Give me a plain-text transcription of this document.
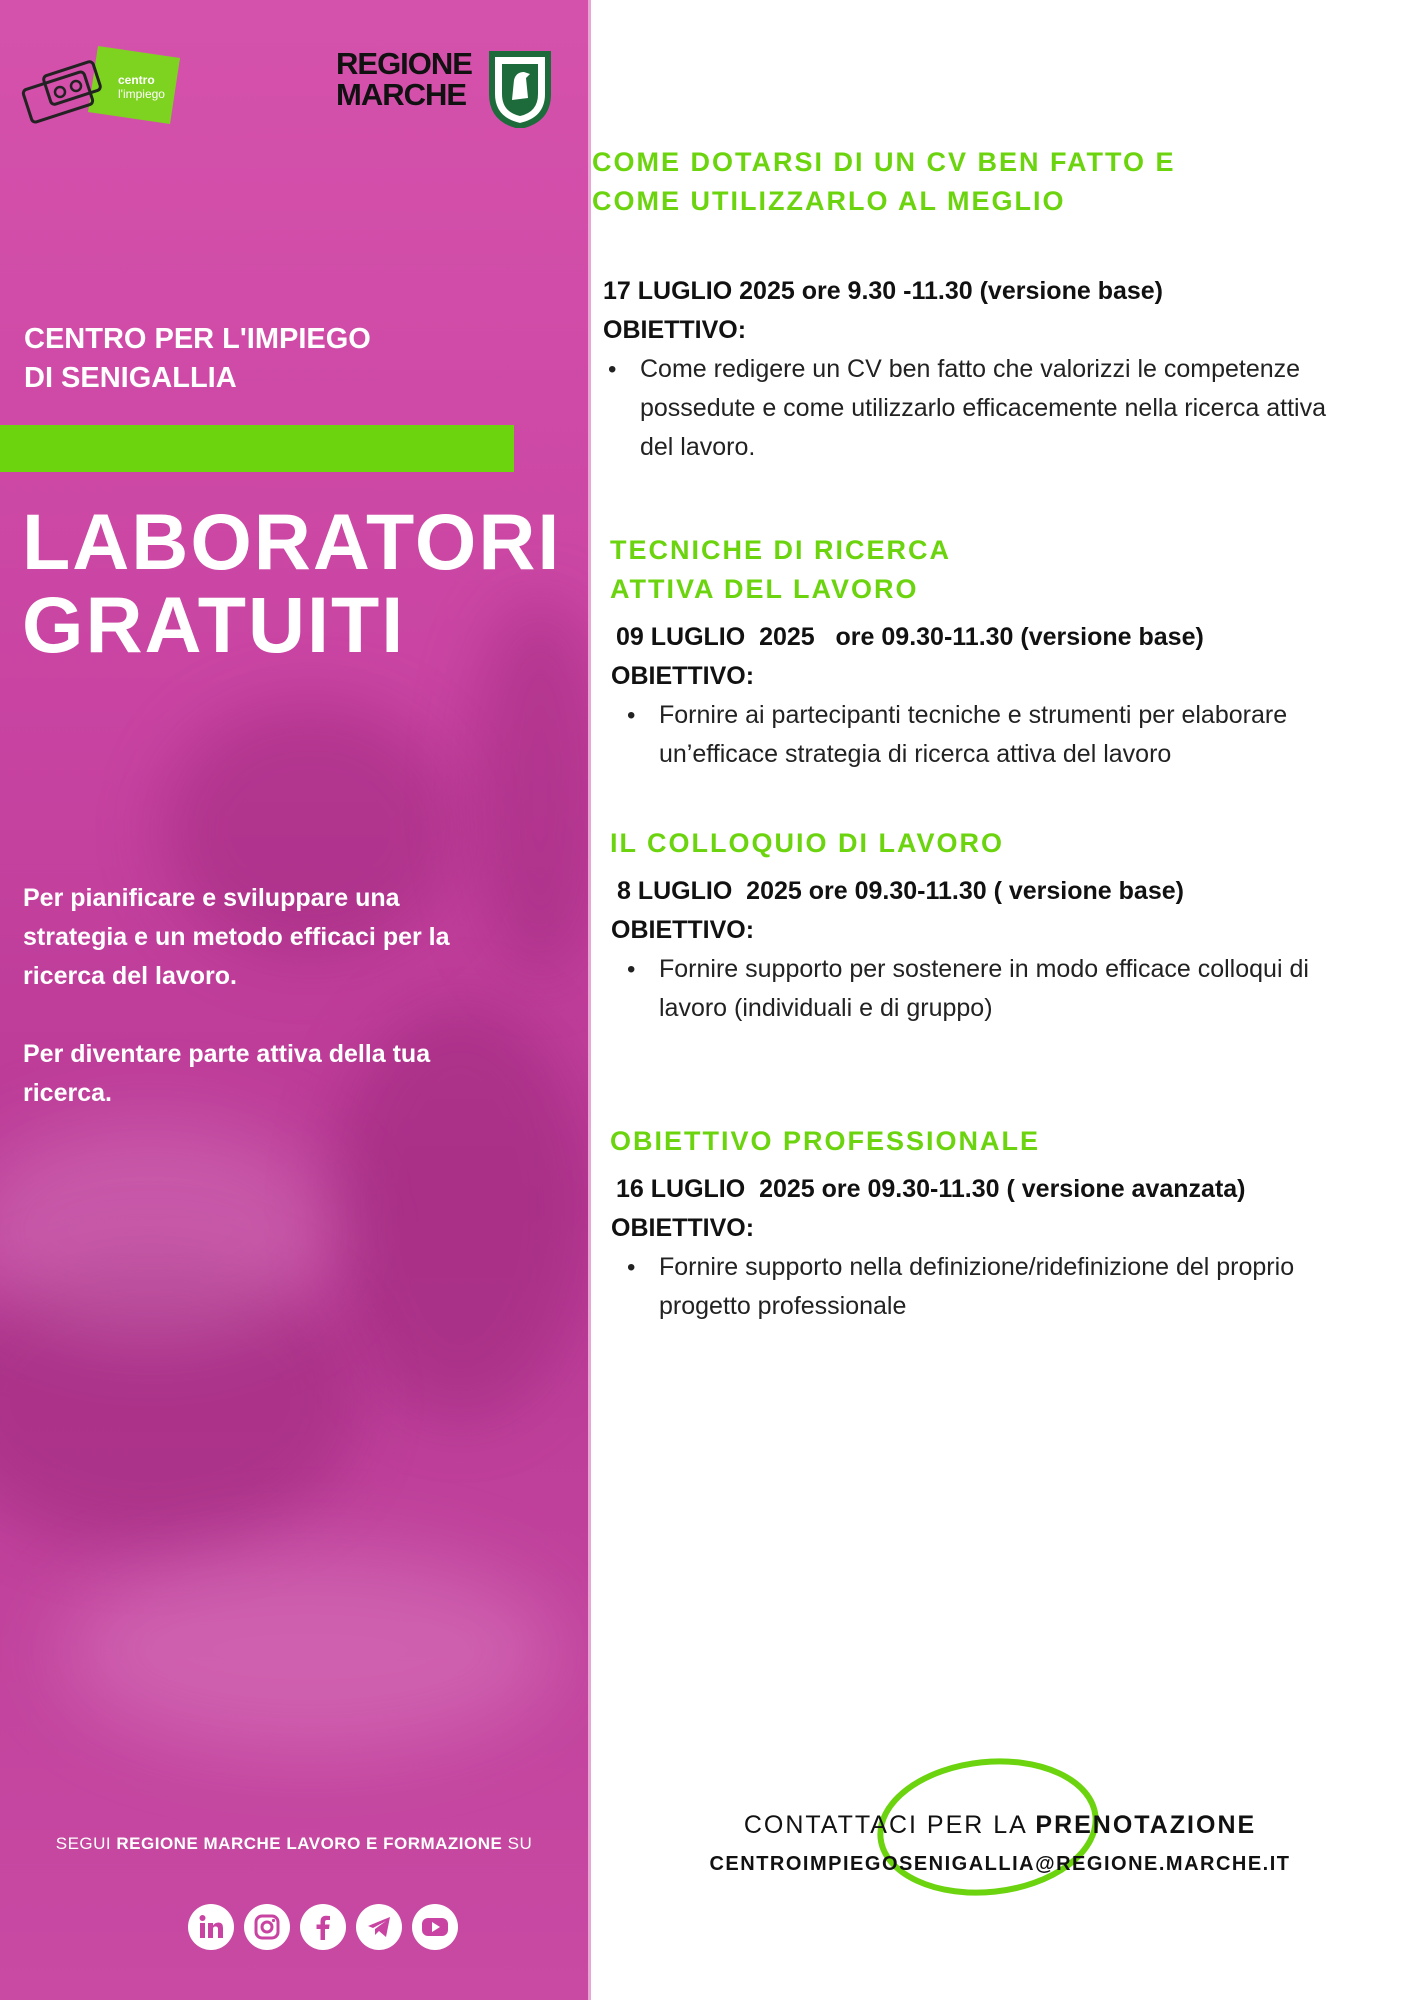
centro
l'impiego
REGIONE
MARCHE
CENTRO PER L'IMPIEGO
DI SENIGALLIA
LABORATORI
GRATUITI

Per pianificare e sviluppare una strategia e un metodo efficaci per la ricerca del lavoro.

Per diventare parte attiva della tua ricerca.

SEGUI REGIONE MARCHE LAVORO E FORMAZIONE SU
COME DOTARSI DI UN CV BEN FATTO E
COME UTILIZZARLO AL MEGLIO

17 LUGLIO 2025 ore 9.30 -11.30 (versione base)

OBIETTIVO:

• Come redigere un CV ben fatto che valorizzi le competenze possedute e come utilizzarlo efficacemente nella ricerca attiva del lavoro.

TECNICHE DI RICERCA
ATTIVA DEL LAVORO

09 LUGLIO  2025   ore 09.30-11.30 (versione base)

OBIETTIVO:

• Fornire ai partecipanti tecniche e strumenti per elaborare un’efficace strategia di ricerca attiva del lavoro

IL COLLOQUIO DI LAVORO

8 LUGLIO  2025 ore 09.30-11.30 ( versione base)

OBIETTIVO:

• Fornire supporto per sostenere in modo efficace colloqui di lavoro (individuali e di gruppo)

OBIETTIVO PROFESSIONALE

16 LUGLIO  2025 ore 09.30-11.30 ( versione avanzata)

OBIETTIVO:

• Fornire supporto nella definizione/ridefinizione del proprio progetto professionale

CONTATTACI PER LA PRENOTAZIONE
CENTROIMPIEGOSENIGALLIA@REGIONE.MARCHE.IT
